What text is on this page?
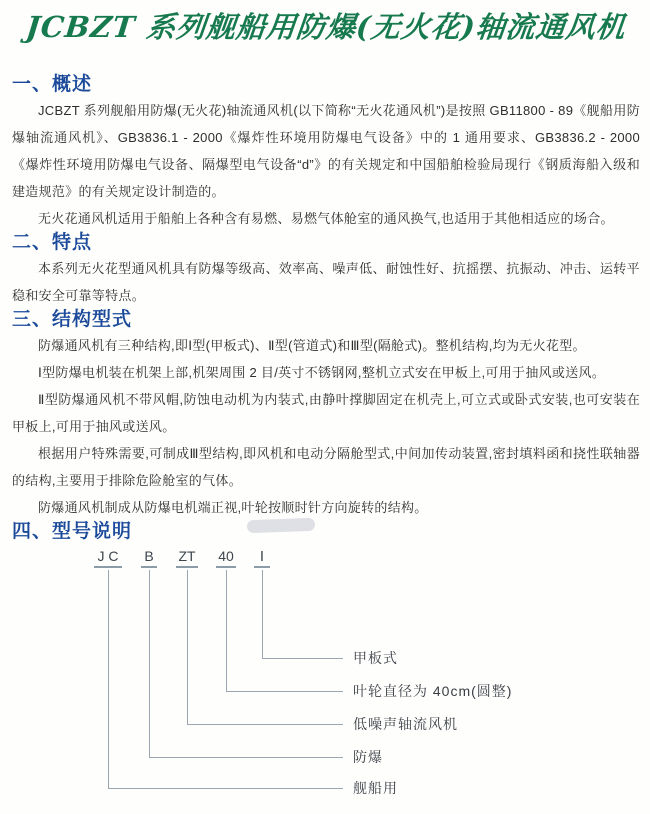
JCBZT 系列舰船用防爆(无火花)轴流通风机
一、概述

JCBZT 系列舰船用防爆(无火花)轴流通风机(以下简称“无火花通风机”)是按照 GB11800 - 89《舰船用防爆轴流通风机》、GB3836.1 - 2000《爆炸性环境用防爆电气设备》中的 1 通用要求、GB3836.2 - 2000《爆炸性环境用防爆电气设备、隔爆型电气设备“d”》的有关规定和中国船舶检验局现行《钢质海船入级和建造规范》的有关规定设计制造的。

无火花通风机适用于船舶上各种含有易燃、易燃气体舱室的通风换气,也适用于其他相适应的场合。

二、特点

本系列无火花型通风机具有防爆等级高、效率高、噪声低、耐蚀性好、抗摇摆、抗振动、冲击、运转平稳和安全可靠等特点。

三、结构型式

防爆通风机有三种结构,即Ⅰ型(甲板式)、Ⅱ型(管道式)和Ⅲ型(隔舱式)。整机结构,均为无火花型。

Ⅰ型防爆电机装在机架上部,机架周围 2 目/英寸不锈钢网,整机立式安在甲板上,可用于抽风或送风。

Ⅱ型防爆通风机不带风帽,防蚀电动机为内装式,由静叶撑脚固定在机壳上,可立式或卧式安装,也可安装在甲板上,可用于抽风或送风。

根据用户特殊需要,可制成Ⅲ型结构,即风机和电动分隔舱型式,中间加传动装置,密封填料函和挠性联轴器的结构,主要用于排除危险舱室的气体。

防爆通风机制成从防爆电机端正视,叶轮按顺时针方向旋转的结构。

四、型号说明
J C B ZT 40	Ⅰ
甲板式
叶轮直径为 40cm(圆整)
低噪声轴流风机
防爆
舰船用
